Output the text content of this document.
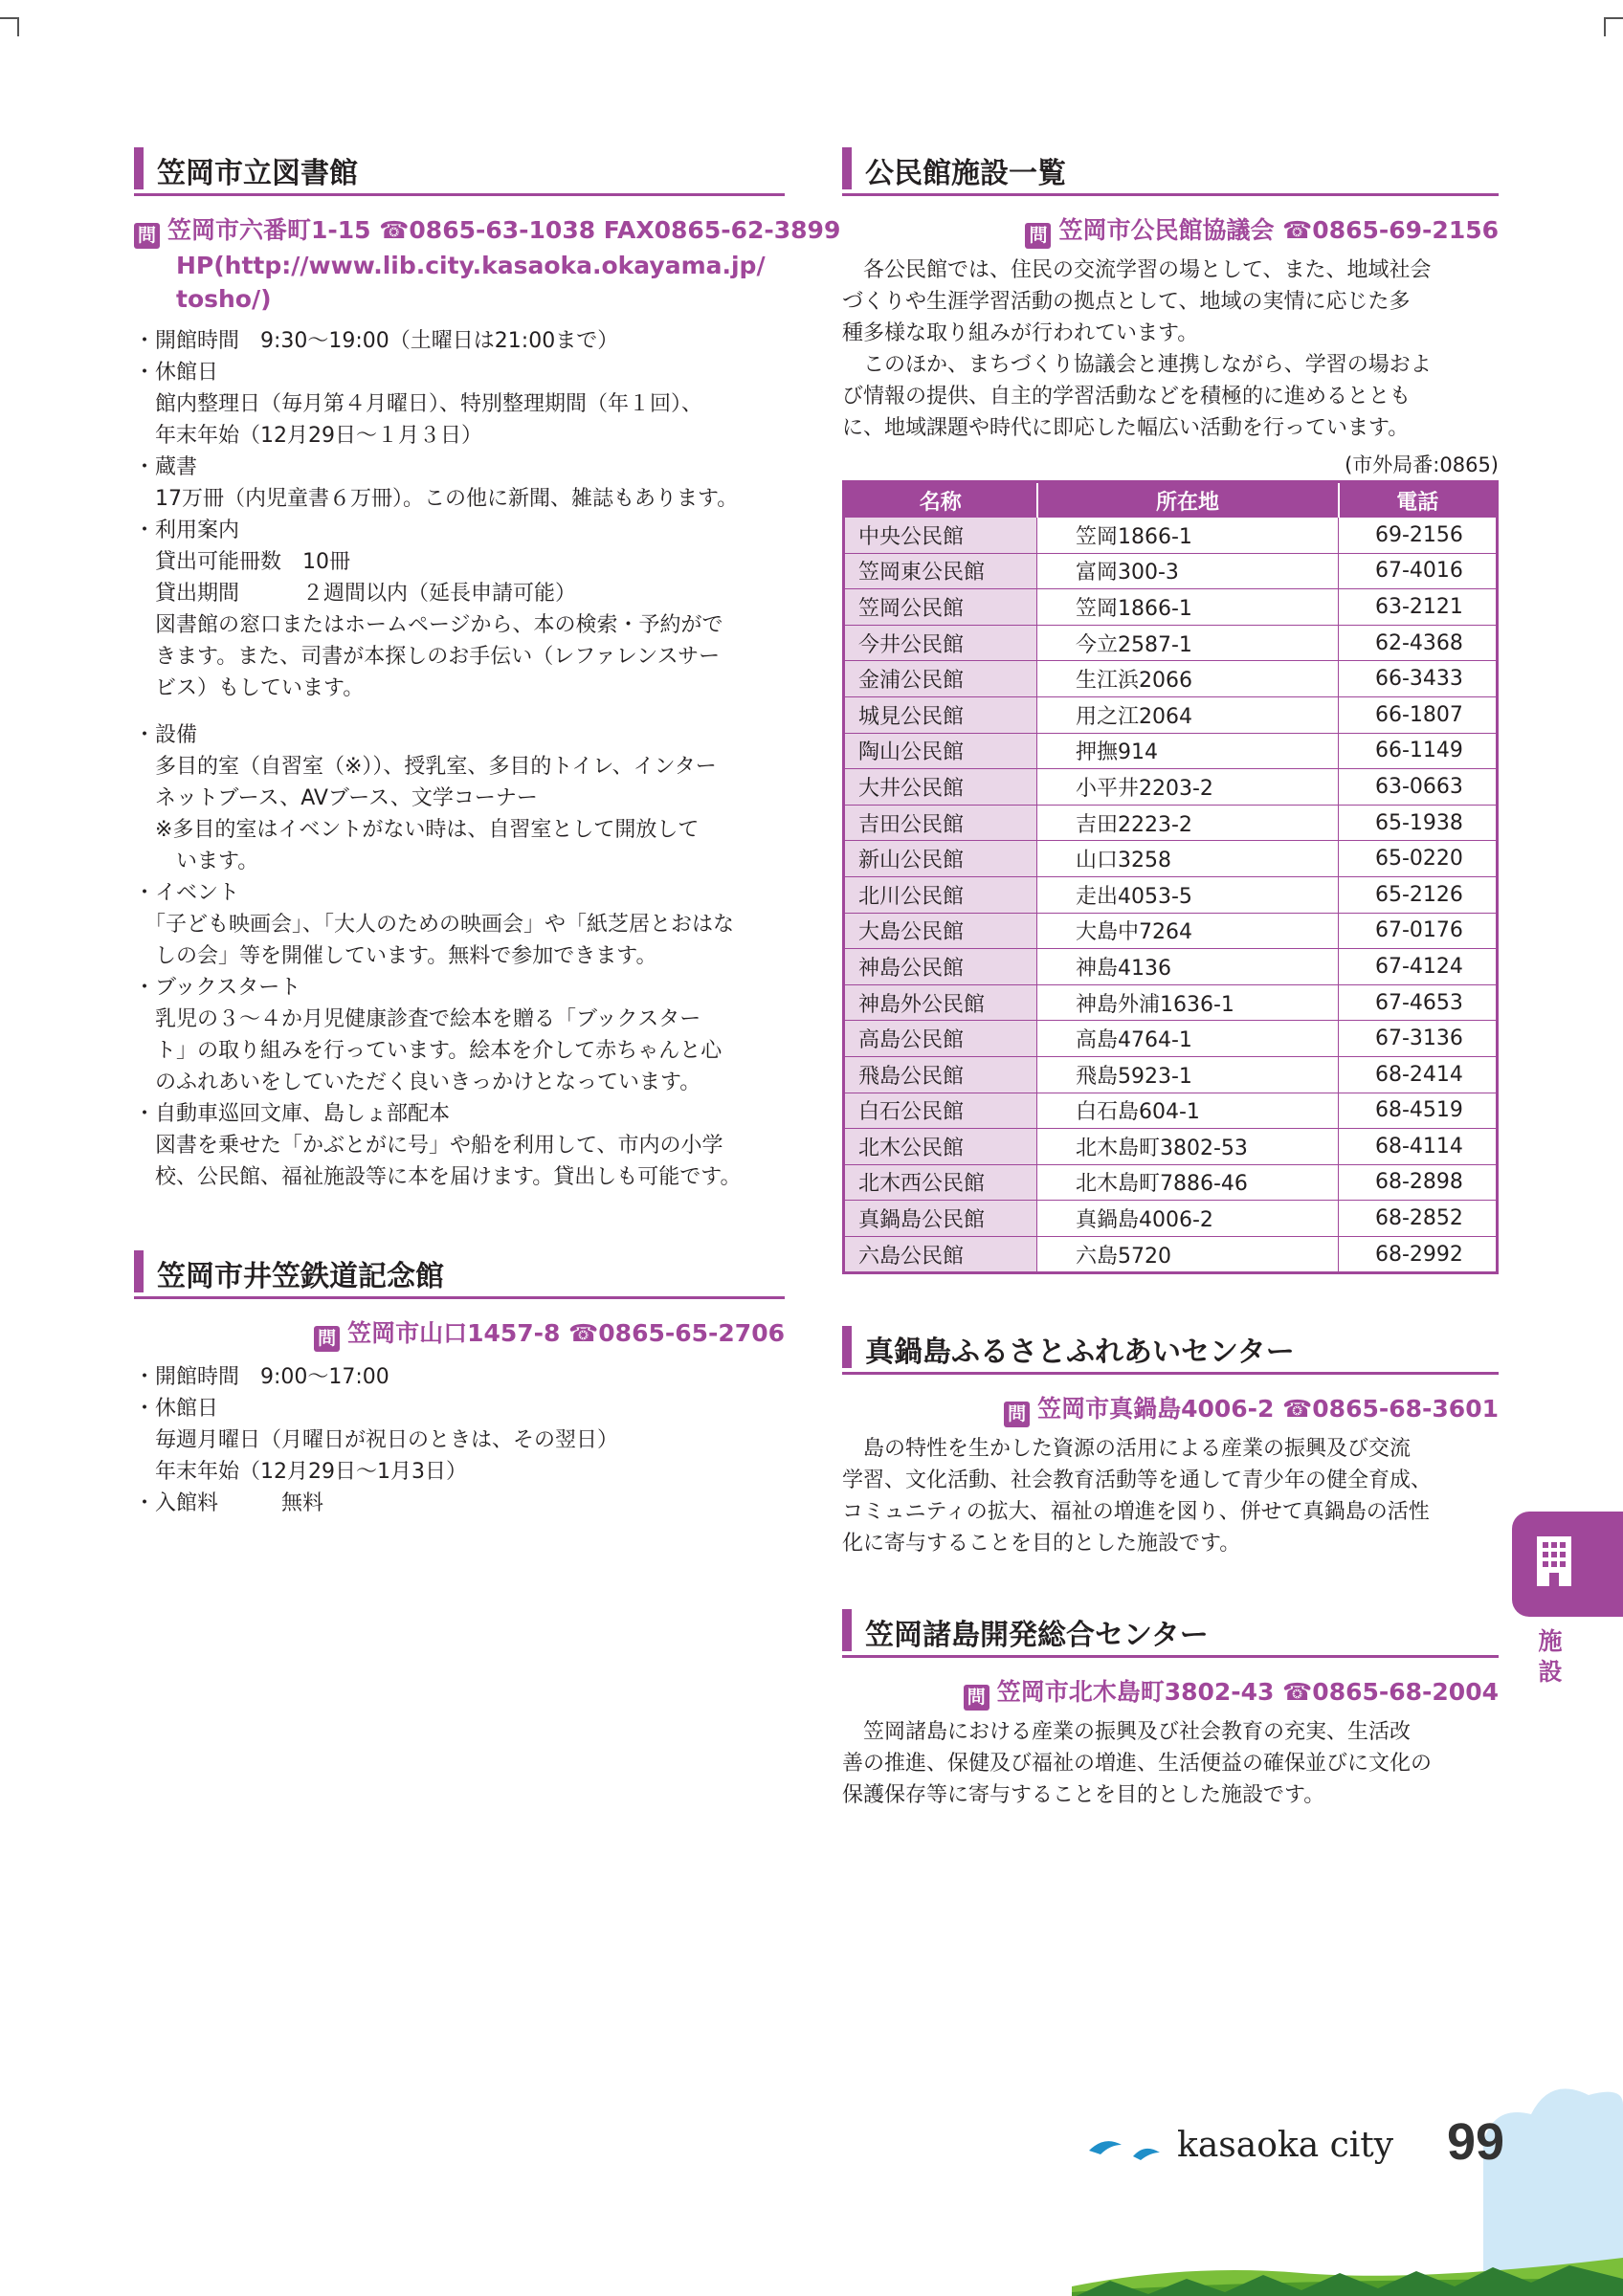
笠岡市立図書館
問 笠岡市六番町1-15 ☎0865-63-1038 FAX0865-62-3899
HP(http://www.lib.city.kasaoka.okayama.jp/
tosho/)
・開館時間　9:30〜19:00（土曜日は21:00まで）
・休館日
　館内整理日（毎月第４月曜日）、特別整理期間（年１回）、
　年末年始（12月29日〜１月３日）
・蔵書
　17万冊（内児童書６万冊）。この他に新聞、雑誌もあります。
・利用案内
　貸出可能冊数　10冊
　貸出期間　　　２週間以内（延長申請可能）
　図書館の窓口またはホームページから、本の検索・予約がで
　きます。また、司書が本探しのお手伝い（レファレンスサー
　ビス）もしています。
・設備
　多目的室（自習室（※））、授乳室、多目的トイレ、インター
　ネットブース、AVブース、文学コーナー
　※多目的室はイベントがない時は、自習室として開放して
　　います。
・イベント
　「子ども映画会」、「大人のための映画会」や「紙芝居とおはな
　しの会」等を開催しています。無料で参加できます。
・ブックスタート
　乳児の３〜４か月児健康診査で絵本を贈る「ブックスター
　ト」の取り組みを行っています。絵本を介して赤ちゃんと心
　のふれあいをしていただく良いきっかけとなっています。
・自動車巡回文庫、島しょ部配本
　図書を乗せた「かぶとがに号」や船を利用して、市内の小学
　校、公民館、福祉施設等に本を届けます。貸出しも可能です。
笠岡市井笠鉄道記念館
問 笠岡市山口1457-8 ☎0865-65-2706
・開館時間　9:00〜17:00
・休館日
　毎週月曜日（月曜日が祝日のときは、その翌日）
　年末年始（12月29日〜1月3日）
・入館料　　　無料
公民館施設一覧
問 笠岡市公民館協議会 ☎0865-69-2156
　各公民館では、住民の交流学習の場として、また、地域社会
づくりや生涯学習活動の拠点として、地域の実情に応じた多
種多様な取り組みが行われています。
　このほか、まちづくり協議会と連携しながら、学習の場およ
び情報の提供、自主的学習活動などを積極的に進めるととも
に、地域課題や時代に即応した幅広い活動を行っています。
(市外局番:0865)
名称	所在地	電話
中央公民館	笠岡1866-1	69-2156
笠岡東公民館	富岡300-3	67-4016
笠岡公民館	笠岡1866-1	63-2121
今井公民館	今立2587-1	62-4368
金浦公民館	生江浜2066	66-3433
城見公民館	用之江2064	66-1807
陶山公民館	押撫914	66-1149
大井公民館	小平井2203-2	63-0663
吉田公民館	吉田2223-2	65-1938
新山公民館	山口3258	65-0220
北川公民館	走出4053-5	65-2126
大島公民館	大島中7264	67-0176
神島公民館	神島4136	67-4124
神島外公民館	神島外浦1636-1	67-4653
高島公民館	高島4764-1	67-3136
飛島公民館	飛島5923-1	68-2414
白石公民館	白石島604-1	68-4519
北木公民館	北木島町3802-53	68-4114
北木西公民館	北木島町7886-46	68-2898
真鍋島公民館	真鍋島4006-2	68-2852
六島公民館	六島5720	68-2992
真鍋島ふるさとふれあいセンター
問 笠岡市真鍋島4006-2 ☎0865-68-3601
　島の特性を生かした資源の活用による産業の振興及び交流
学習、文化活動、社会教育活動等を通して青少年の健全育成、
コミュニティの拡大、福祉の増進を図り、併せて真鍋島の活性
化に寄与することを目的とした施設です。
笠岡諸島開発総合センター
問 笠岡市北木島町3802-43 ☎0865-68-2004
　笠岡諸島における産業の振興及び社会教育の充実、生活改
善の推進、保健及び福祉の増進、生活便益の確保並びに文化の
保護保存等に寄与することを目的とした施設です。
施
設
kasaoka city 99
